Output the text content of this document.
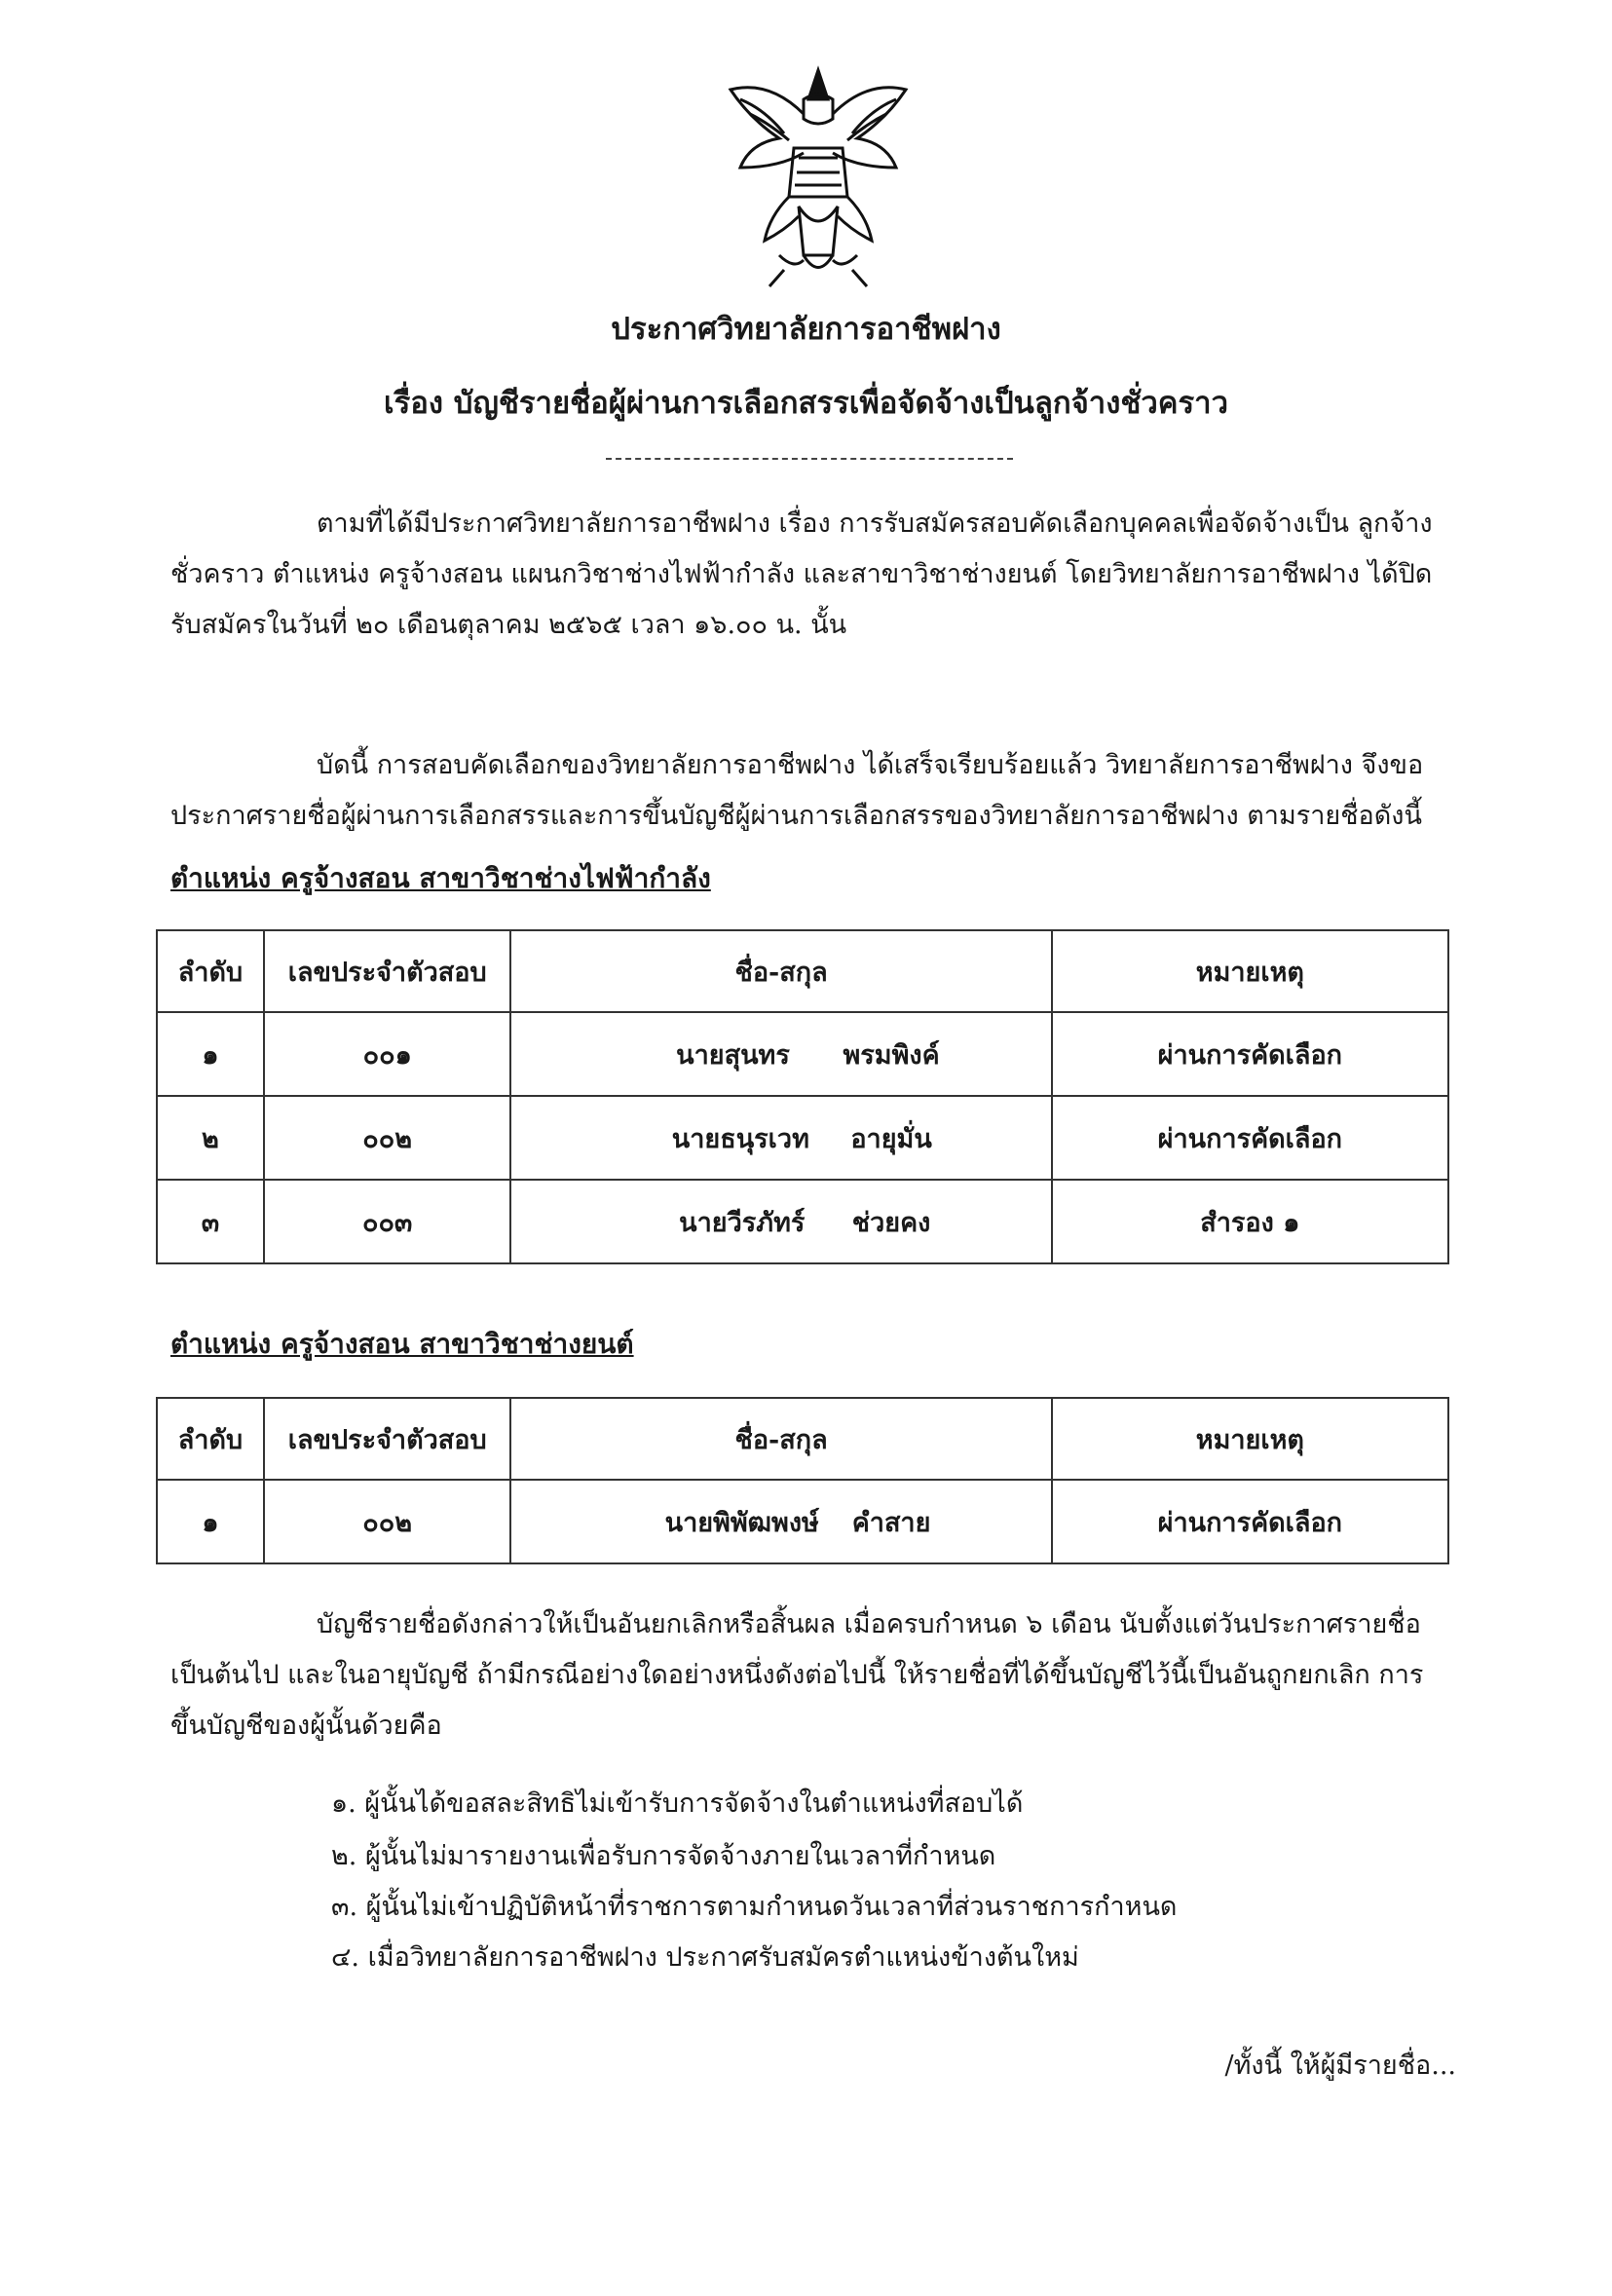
ประกาศวิทยาลัยการอาชีพฝาง
เรื่อง บัญชีรายชื่อผู้ผ่านการเลือกสรรเพื่อจัดจ้างเป็นลูกจ้างชั่วคราว
ตามที่ได้มีประกาศวิทยาลัยการอาชีพฝาง เรื่อง การรับสมัครสอบคัดเลือกบุคคลเพื่อจัดจ้างเป็น ลูกจ้างชั่วคราว ตำแหน่ง ครูจ้างสอน แผนกวิชาช่างไฟฟ้ากำลัง และสาขาวิชาช่างยนต์ โดยวิทยาลัยการอาชีพฝาง ได้ปิดรับสมัครในวันที่ ๒๐ เดือนตุลาคม ๒๕๖๕ เวลา ๑๖.๐๐ น. นั้น
บัดนี้ การสอบคัดเลือกของวิทยาลัยการอาชีพฝาง ได้เสร็จเรียบร้อยแล้ว วิทยาลัยการอาชีพฝาง จึงขอประกาศรายชื่อผู้ผ่านการเลือกสรรและการขึ้นบัญชีผู้ผ่านการเลือกสรรของวิทยาลัยการอาชีพฝาง ตามรายชื่อดังนี้
ตำแหน่ง ครูจ้างสอน สาขาวิชาช่างไฟฟ้ากำลัง
ลำดับ	เลขประจำตัวสอบ	ชื่อ-สกุล	หมายเหตุ
๑	๐๐๑	นายสุนทร พรมพิงค์	ผ่านการคัดเลือก
๒	๐๐๒	นายธนุรเวท อายุมั่น	ผ่านการคัดเลือก
๓	๐๐๓	นายวีรภัทร์ ช่วยคง	สำรอง ๑
ตำแหน่ง ครูจ้างสอน สาขาวิชาช่างยนต์
ลำดับ	เลขประจำตัวสอบ	ชื่อ-สกุล	หมายเหตุ
๑	๐๐๒	นายพิพัฒพงษ์ คำสาย	ผ่านการคัดเลือก
บัญชีรายชื่อดังกล่าวให้เป็นอันยกเลิกหรือสิ้นผล เมื่อครบกำหนด ๖ เดือน นับตั้งแต่วันประกาศรายชื่อ เป็นต้นไป และในอายุบัญชี ถ้ามีกรณีอย่างใดอย่างหนึ่งดังต่อไปนี้ ให้รายชื่อที่ได้ขึ้นบัญชีไว้นี้เป็นอันถูกยกเลิก การขึ้นบัญชีของผู้นั้นด้วยคือ
๑. ผู้นั้นได้ขอสละสิทธิไม่เข้ารับการจัดจ้างในตำแหน่งที่สอบได้
๒. ผู้นั้นไม่มารายงานเพื่อรับการจัดจ้างภายในเวลาที่กำหนด
๓. ผู้นั้นไม่เข้าปฏิบัติหน้าที่ราชการตามกำหนดวันเวลาที่ส่วนราชการกำหนด
๔. เมื่อวิทยาลัยการอาชีพฝาง ประกาศรับสมัครตำแหน่งข้างต้นใหม่
/ทั้งนี้ ให้ผู้มีรายชื่อ...
